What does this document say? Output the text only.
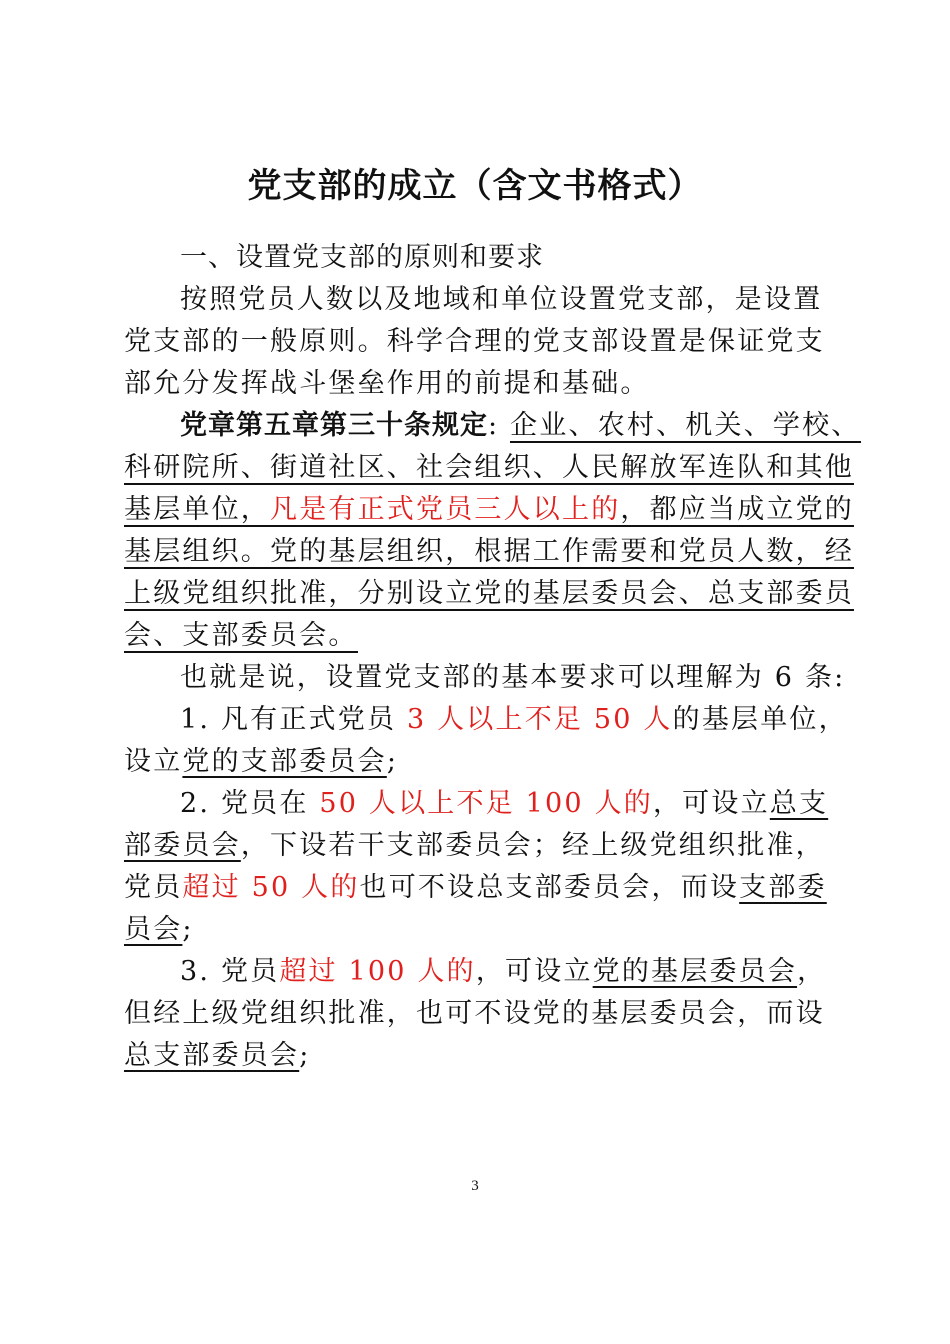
党支部的成立（含文书格式）
一、设置党支部的原则和要求
按照党员人数以及地域和单位设置党支部，是设置
党支部的一般原则。科学合理的党支部设置是保证党支
部允分发挥战斗堡垒作用的前提和基础。
党章第五章第三十条规定: 企业、农村、机关、学校、
科研院所、街道社区、社会组织、人民解放军连队和其他
基层单位，凡是有正式党员三人以上的，都应当成立党的
基层组织。党的基层组织，根据工作需要和党员人数，经
上级党组织批准，分别设立党的基层委员会、总支部委员
会、支部委员会。
也就是说，设置党支部的基本要求可以理解为 6 条:
1. 凡有正式党员 3 人以上不足 50 人的基层单位，
设立党的支部委员会;
2. 党员在 50 人以上不足 100 人的，可设立总支
部委员会，下设若干支部委员会；经上级党组织批准，
党员超过 50 人的也可不设总支部委员会，而设支部委
员会;
3. 党员超过 100 人的，可设立党的基层委员会，
但经上级党组织批准，也可不设党的基层委员会，而设
总支部委员会;
3
